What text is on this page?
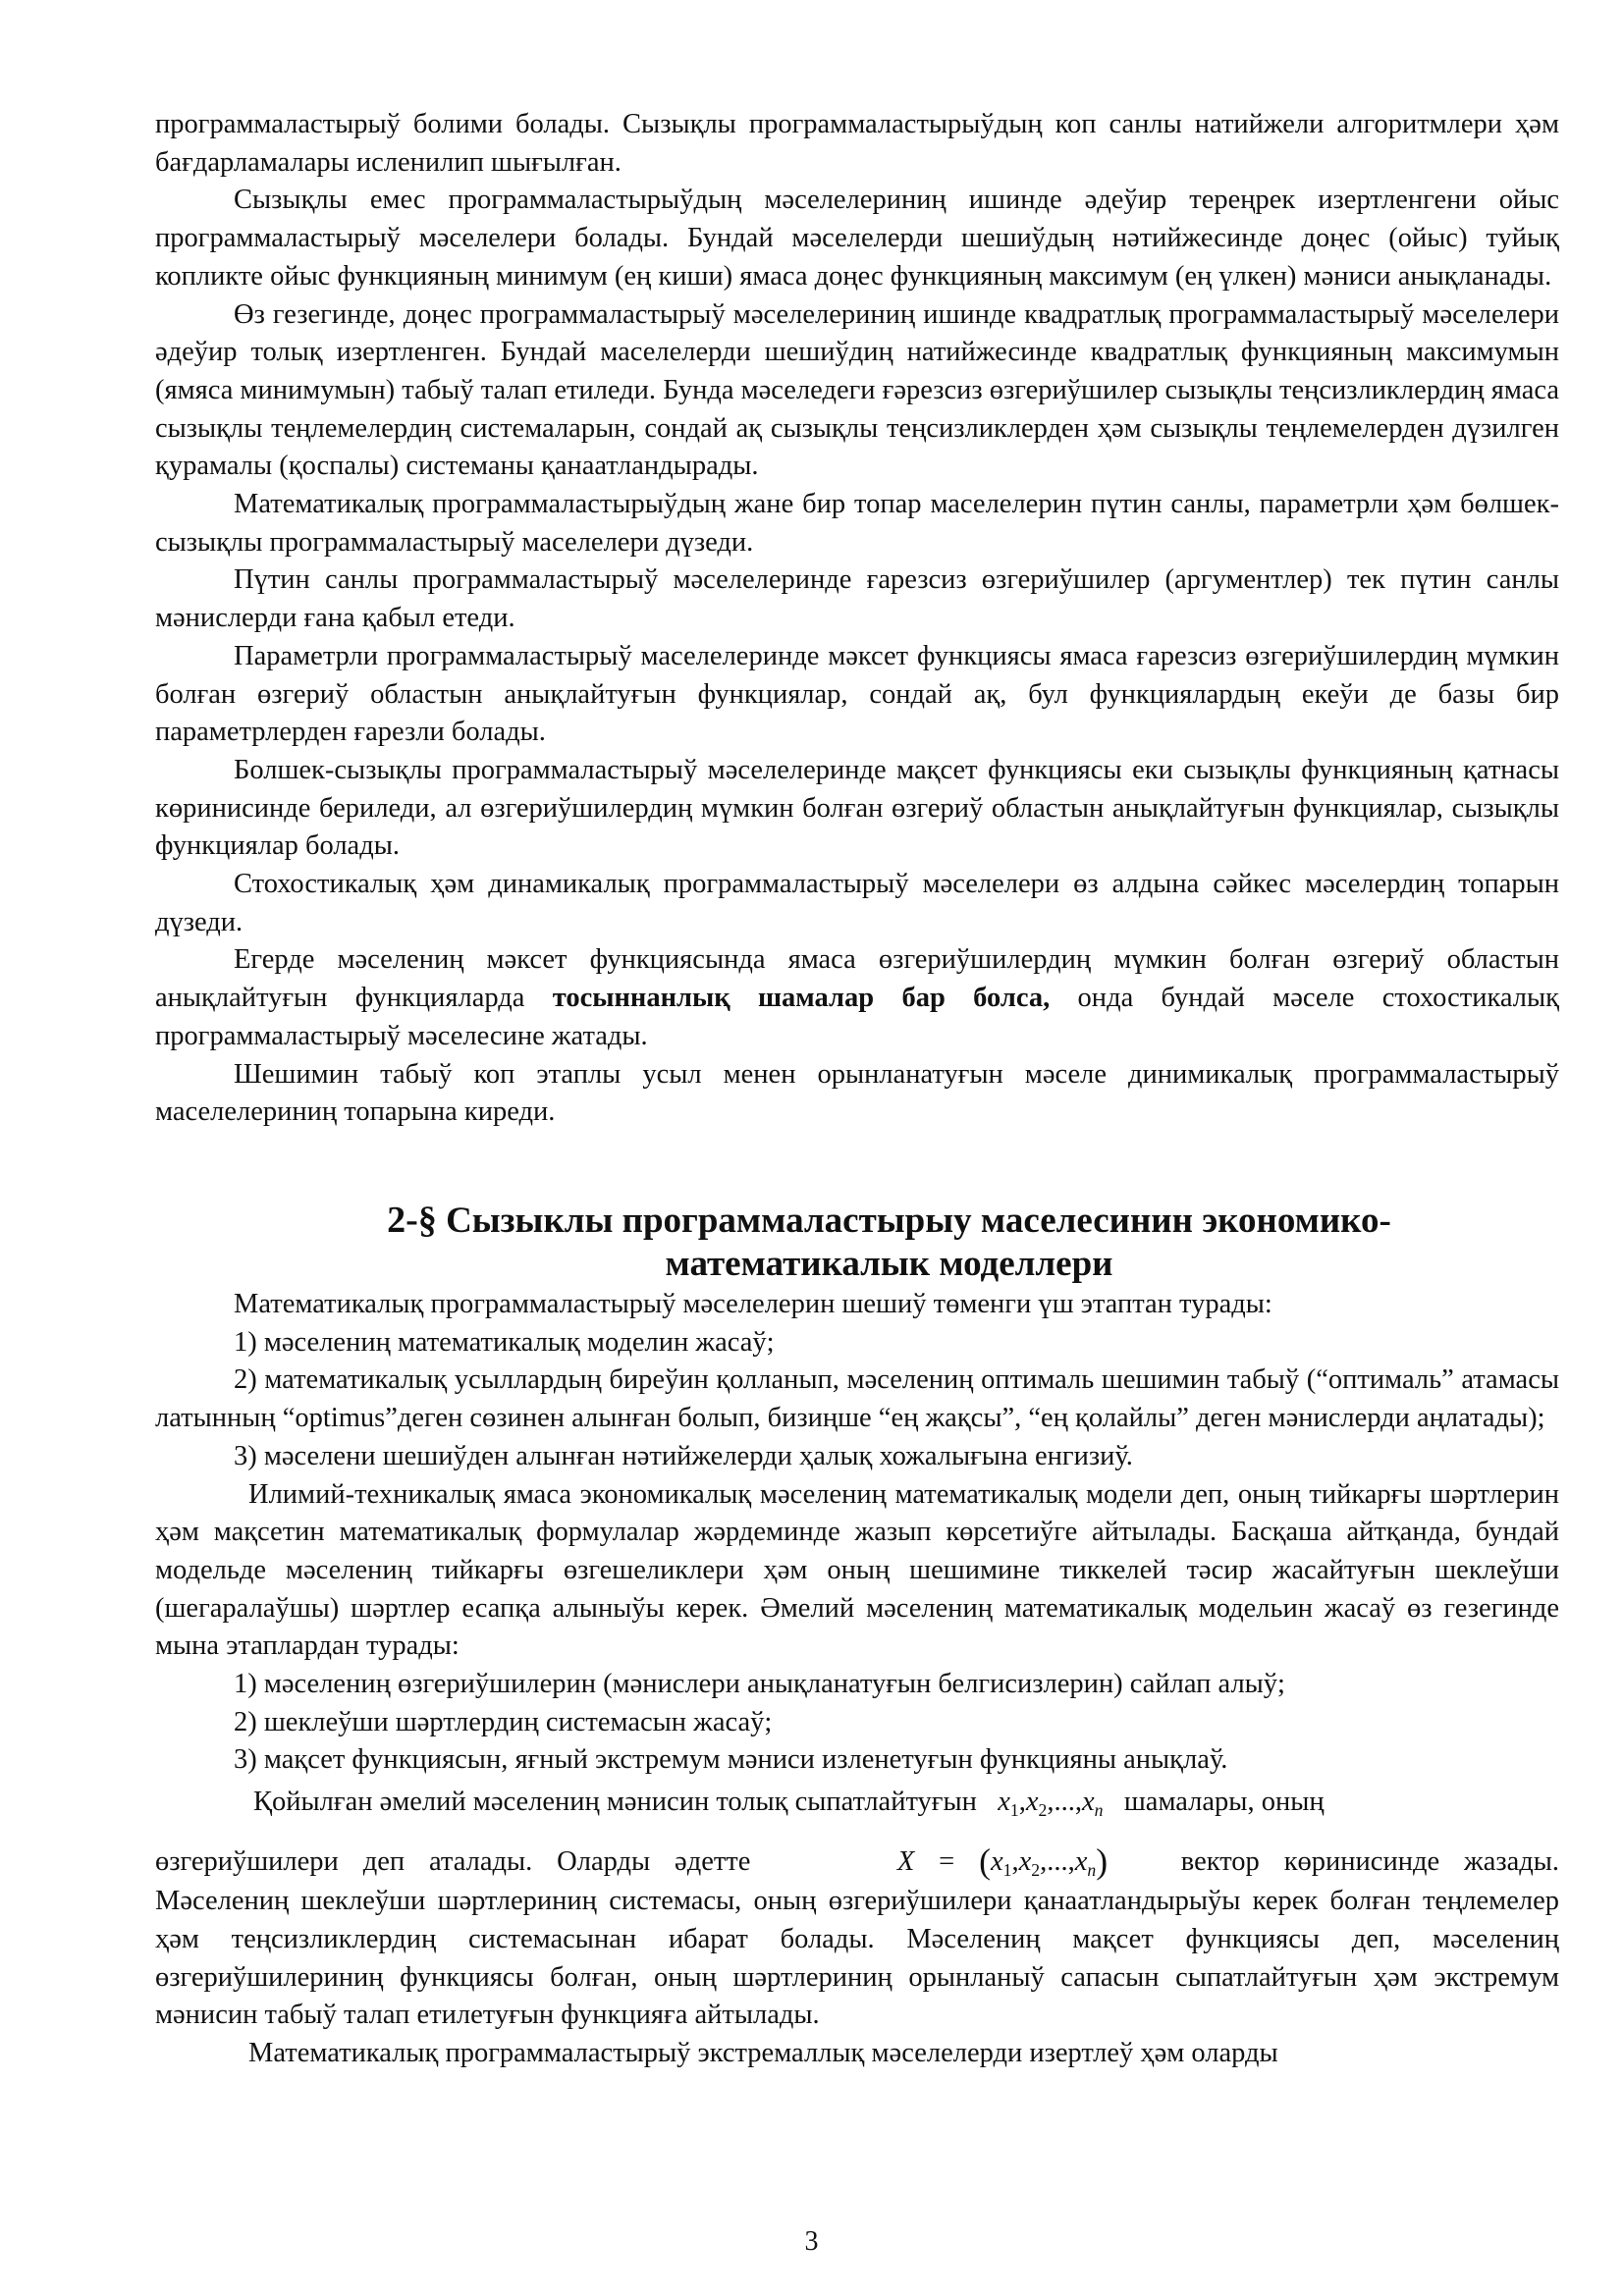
программаластырыў болими болады. Сызықлы программаластырыўдың коп санлы натийжели алгоритмлери ҳәм бағдарламалары исленилип шығылған.

Сызықлы емес программаластырыўдың мәселелериниң ишинде әдеўир тереңрек изертленгени ойыс программаластырыў мәселелери болады. Бундай мәселелерди шешиўдың нәтийжесинде доңес (ойыс) туйық копликте ойыс функцияның минимум (ең киши) ямаса доңес функцияның максимум (ең үлкен) мәниси анықланады.

Өз гезегинде, доңес программаластырыў мәселелериниң ишинде квадратлық программаластырыў мәселелери әдеўир толық изертленген. Бундай маселелерди шешиўдиң натийжесинде квадратлық функцияның максимумын (ямяса минимумын) табыў талап етиледи. Бунда мәселедеги ғәрезсиз өзгериўшилер сызықлы теңсизликлердиң ямаса сызықлы теңлемелердиң системаларын, сондай ақ сызықлы теңсизликлерден ҳәм сызықлы теңлемелерден дүзилген қурамалы (қоспалы) системаны қанаатландырады.

Математикалық программаластырыўдың жане бир топар маселелерин пүтин санлы, параметрли ҳәм бөлшек-сызықлы программаластырыў маселелери дүзеди.

Пүтин санлы программаластырыў мәселелеринде ғарезсиз өзгериўшилер (аргументлер) тек пүтин санлы мәнислерди ғана қабыл етеди.

Параметрли программаластырыў маселелеринде мәксет функциясы ямаса ғарезсиз өзгериўшилердиң мүмкин болған өзгериў областын анықлайтуғын функциялар, сондай ақ, бул функциялардың екеўи де базы бир параметрлерден ғарезли болады.

Болшек-сызықлы программаластырыў мәселелеринде мақсет функциясы еки сызықлы функцияның қатнасы көринисинде бериледи, ал өзгериўшилердиң мүмкин болған өзгериў областын анықлайтуғын функциялар, сызықлы функциялар болады.

Стохостикалық ҳәм динамикалық программаластырыў мәселелери өз алдына сәйкес мәселердиң топарын дүзеди.

Егерде мәселениң мәксет функциясында ямаса өзгериўшилердиң мүмкин болған өзгериў областын анықлайтуғын функцияларда тосыннанлық шамалар бар болса, онда бундай мәселе стохостикалық программаластырыў мәселесине жатады.

Шешимин табыў коп этаплы усыл менен орынланатуғын мәселе динимикалық программаластырыў маселелериниң топарына киреди.

2-§ Сызыклы программаластырыу маселесинин экономико-математикалык моделлери

Математикалық программаластырыў мәселелерин шешиў төменги үш этаптан турады:

1) мәселениң математикалық моделин жасаў;

2) математикалық усыллардың биреўин қолланып, мәселениң оптималь шешимин табыў (“оптималь” атамасы латынның “optimus”деген сөзинен алынған болып, бизиңше “ең жақсы”, “ең қолайлы” деген мәнислерди аңлатады);

3) мәселени шешиўден алынған нәтийжелерди ҳалық хожалығына енгизиў.

Илимий-техникалық ямаса экономикалық мәселениң математикалық модели деп, оның тийкарғы шәртлерин ҳәм мақсетин математикалық формулалар жәрдеминде жазып көрсетиўге айтылады. Басқаша айтқанда, бундай модельде мәселениң тийкарғы өзгешеликлери ҳәм оның шешимине тиккелей тәсир жасайтуғын шеклеўши (шегаралаўшы) шәртлер есапқа алыныўы керек. Әмелий мәселениң математикалық модельин жасаў өз гезегинде мына этаплардан турады:

1) мәселениң өзгериўшилерин (мәнислери анықланатуғын белгисизлерин) сайлап алыў;

2) шеклеўши шәртлердиң системасын жасаў;

3) мақсет функциясын, яғный экстремум мәниси изленетуғын функцияны анықлаў.

Қойылған әмелий мәселениң мәнисин толық сыпатлайтуғын $x_1,x_2,...,x_n$ шамалары, оның

өзгериўшилери деп аталады. Оларды әдетте	$X = (x_1,x_2,...,x_n)$	вектор көринисинде жазады.

Мәселениң шеклеўши шәртлериниң системасы, оның өзгериўшилери қанаатландырыўы керек болған теңлемелер ҳәм теңсизликлердиң системасынан ибарат болады. Мәселениң мақсет функциясы деп, мәселениң өзгериўшилериниң функциясы болған, оның шәртлериниң орынланыў сапасын сыпатлайтуғын ҳәм экстремум мәнисин табыў талап етилетуғын функцияға айтылады.

Математикалық программаластырыў экстремаллық мәселелерди изертлеў ҳәм оларды

3
